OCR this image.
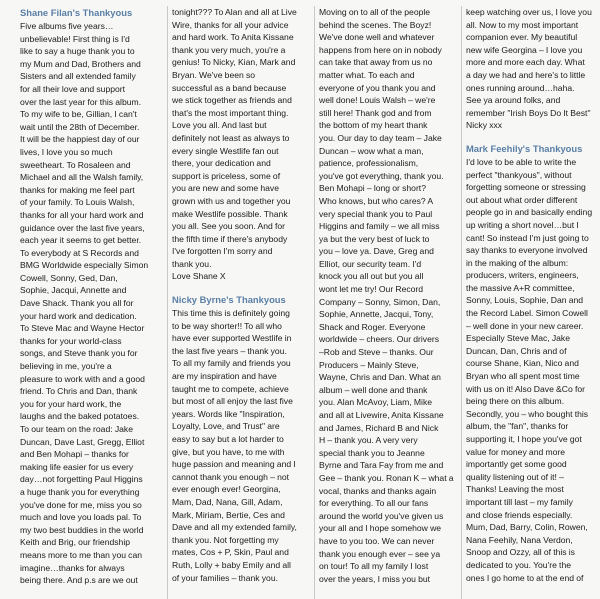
Shane Filan's Thankyous

Five albums five years…
unbelievable! First thing is I'd
like to say a huge thank you to
my Mum and Dad, Brothers and
Sisters and all extended family
for all their love and support
over the last year for this album.
To my wife to be, Gillian, I can't
wait until the 28th of December.
It will be the happiest day of our
lives, I love you so much
sweetheart. To Rosaleen and
Michael and all the Walsh family,
thanks for making me feel part
of your family. To Louis Walsh,
thanks for all your hard work and
guidance over the last five years,
each year it seems to get better.
To everybody at S Records and
BMG Worldwide especially Simon
Cowell, Sonny, Ged, Dan,
Sophie, Jacqui, Annette and
Dave Shack. Thank you all for
your hard work and dedication.
To Steve Mac and Wayne Hector
thanks for your world-class
songs, and Steve thank you for
believing in me, you're a
pleasure to work with and a good
friend. To Chris and Dan, thank
you for your hard work, the
laughs and the baked potatoes.
To our team on the road: Jake
Duncan, Dave Last, Gregg, Elliot
and Ben Mohapi – thanks for
making life easier for us every
day…not forgetting Paul Higgins
a huge thank you for everything
you've done for me, miss you so
much and love you loads pal. To
my two best buddies in the world
Keith and Brig, our friendship
means more to me than you can
imagine…thanks for always
being there. And p.s are we out

tonight??? To Alan and all at Live
Wire, thanks for all your advice
and hard work. To Anita Kissane
thank you very much, you're a
genius! To Nicky, Kian, Mark and
Bryan. We've been so
successful as a band because
we stick together as friends and
that's the most important thing.
Love you all. And last but
definitely not least as always to
every single Westlife fan out
there, your dedication and
support is priceless, some of
you are new and some have
grown with us and together you
make Westlife possible. Thank
you all. See you soon. And for
the fifth time if there's anybody
I've forgotten I'm sorry and
thank you.
Love Shane X

Nicky Byrne's Thankyous

This time this is definitely going
to be way shorter!! To all who
have ever supported Westlife in
the last five years – thank you.
To all my family and friends you
are my inspiration and have
taught me to compete, achieve
but most of all enjoy the last five
years. Words like "Inspiration,
Loyalty, Love, and Trust" are
easy to say but a lot harder to
give, but you have, to me with
huge passion and meaning and I
cannot thank you enough – not
ever enough ever! Georgina,
Mam, Dad, Nana, Gill, Adam,
Mark, Miriam, Bertie, Ces and
Dave and all my extended family,
thank you. Not forgetting my
mates, Cos + P, Skin, Paul and
Ruth, Lolly + baby Emily and all
of your families – thank you.

Moving on to all of the people
behind the scenes. The Boyz!
We've done well and whatever
happens from here on in nobody
can take that away from us no
matter what. To each and
everyone of you thank you and
well done! Louis Walsh – we're
still here! Thank god and from
the bottom of my heart thank
you. Our day to day team – Jake
Duncan – wow what a man,
patience, professionalism,
you've got everything, thank you.
Ben Mohapi – long or short?
Who knows, but who cares? A
very special thank you to Paul
Higgins and family – we all miss
ya but the very best of luck to
you – love ya. Dave, Greg and
Elliot, our security team. I'd
knock you all out but you all
wont let me try! Our Record
Company – Sonny, Simon, Dan,
Sophie, Annette, Jacqui, Tony,
Shack and Roger. Everyone
worldwide – cheers. Our drivers
–Rob and Steve – thanks. Our
Producers – Mainly Steve,
Wayne, Chris and Dan. What an
album – well done and thank
you. Alan McAvoy, Liam, Mike
and all at Livewire, Anita Kissane
and James, Richard B and Nick
H – thank you. A very very
special thank you to Jeanne
Byrne and Tara Fay from me and
Gee – thank you. Ronan K – what a
vocal, thanks and thanks again
for everything. To all our fans
around the world you've given us
your all and I hope somehow we
have to you too. We can never
thank you enough ever – see ya
on tour! To all my family I lost
over the years, I miss you but

keep watching over us, I love you
all. Now to my most important
companion ever. My beautiful
new wife Georgina – I love you
more and more each day. What
a day we had and here's to little
ones running around…haha.
See ya around folks, and
remember "Irish Boys Do It Best"
Nicky xxx

Mark Feehily's Thankyous

I'd love to be able to write the
perfect "thankyous", without
forgetting someone or stressing
out about what order different
people go in and basically ending
up writing a short novel…but I
cant! So instead I'm just going to
say thanks to everyone involved
in the making of the album:
producers, writers, engineers,
the massive A+R committee,
Sonny, Louis, Sophie, Dan and
the Record Label. Simon Cowell
– well done in your new career.
Especially Steve Mac, Jake
Duncan, Dan, Chris and of
course Shane, Kian, Nico and
Bryan who all spent most time
with us on it! Also Dave &Co for
being there on this album.
Secondly, you – who bought this
album, the "fan", thanks for
supporting it, I hope you've got
value for money and more
importantly get some good
quality listening out of it! –
Thanks! Leaving the most
important till last – my family
and close friends especially.
Mum, Dad, Barry, Colin, Rowen,
Nana Feehily, Nana Verdon,
Snoop and Ozzy, all of this is
dedicated to you. You're the
ones I go home to at the end of
